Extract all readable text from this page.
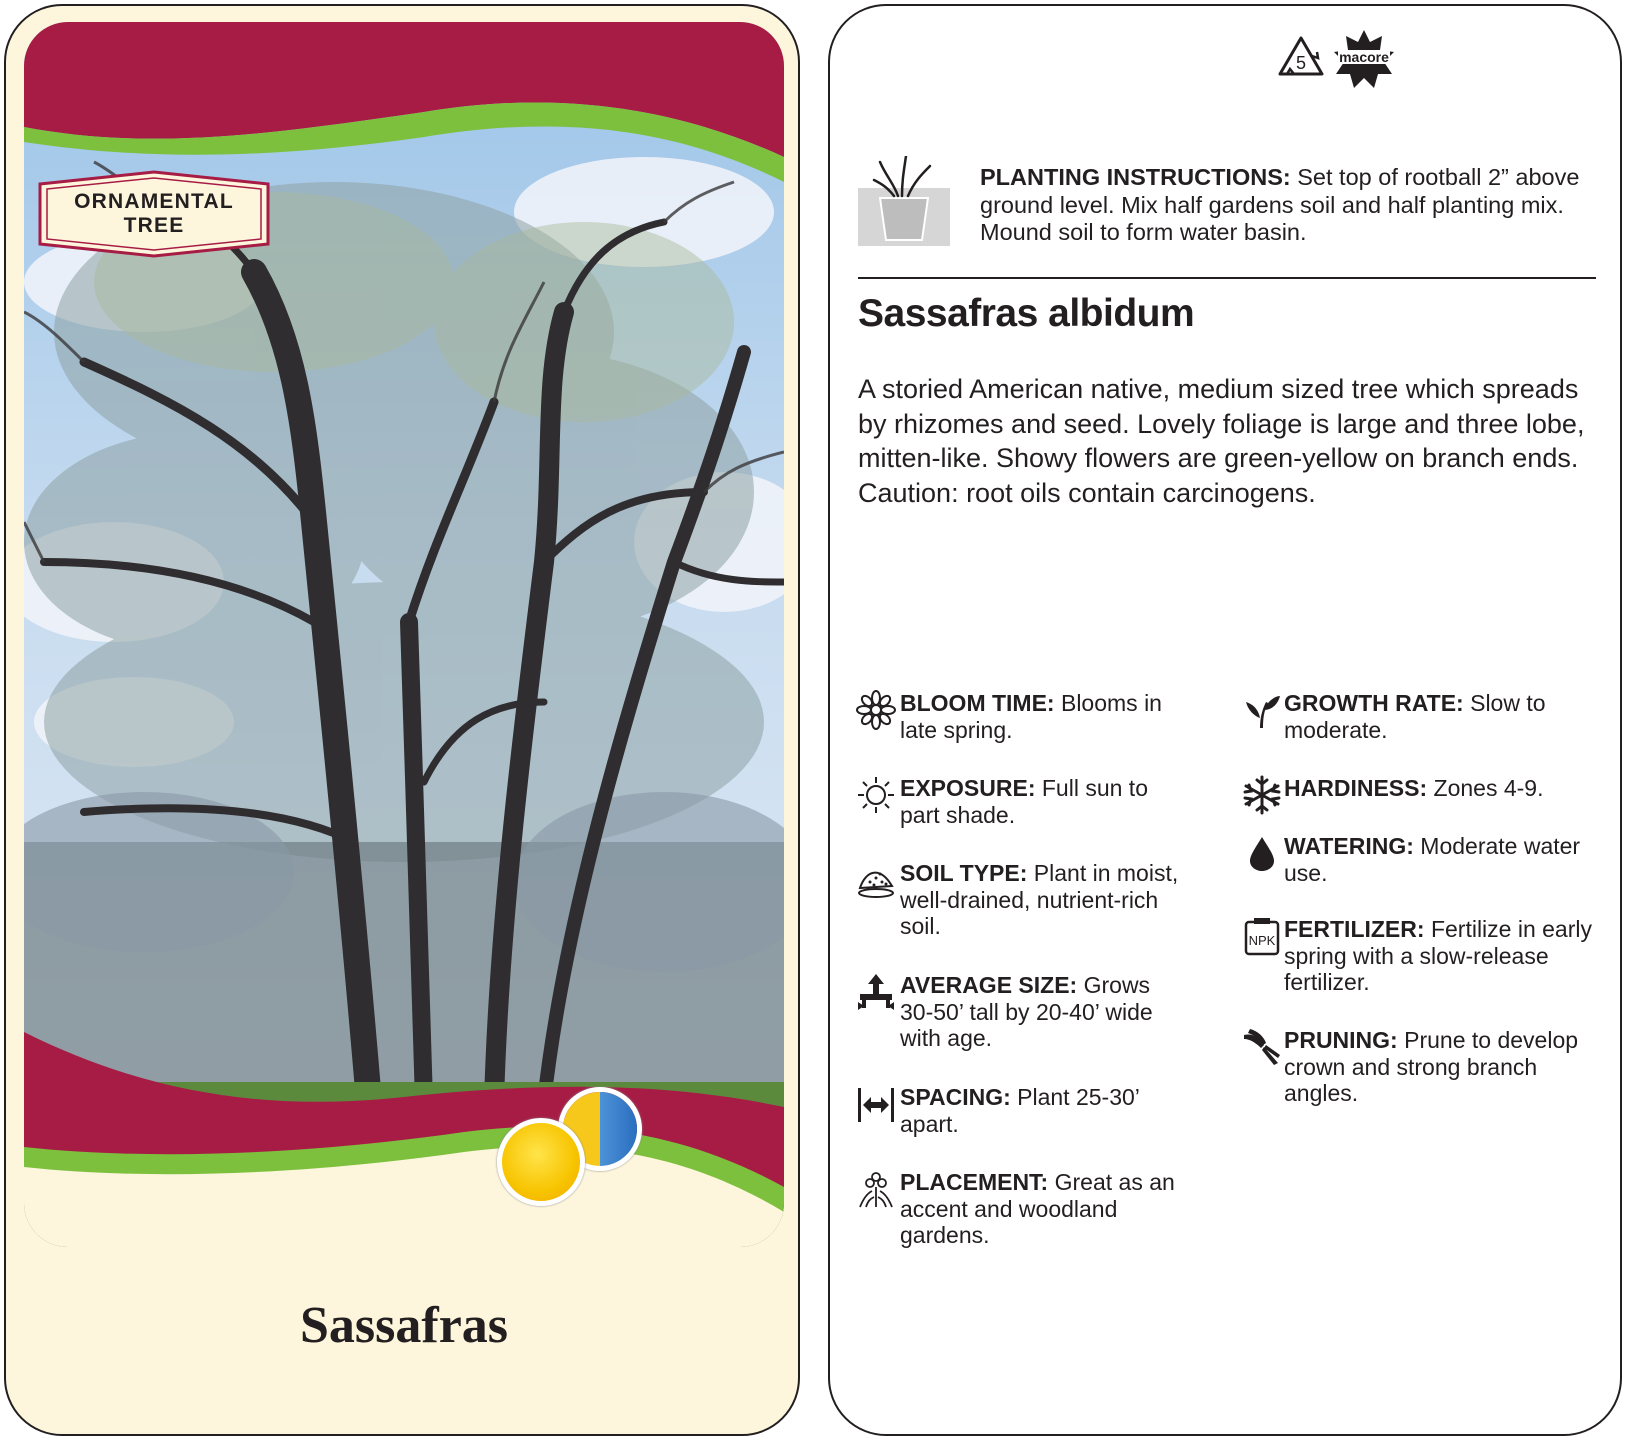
ORNAMENTAL
TREE
Sassafras
5 macore
PLANTING INSTRUCTIONS: Set top of rootball 2” above ground level. Mix half gardens soil and half planting mix. Mound soil to form water basin.
Sassafras albidum
A storied American native, medium sized tree which spreads by rhizomes and seed. Lovely foliage is large and three lobe, mitten-like. Showy flowers are green-yellow on branch ends. Caution: root oils contain carcinogens.
BLOOM TIME: Blooms in late spring.
EXPOSURE: Full sun to part shade.
SOIL TYPE: Plant in moist, well-drained, nutrient-rich soil.
AVERAGE SIZE: Grows 30-50’ tall by 20-40’ wide with age.
SPACING: Plant 25-30’ apart.
PLACEMENT: Great as an accent and woodland gardens.
GROWTH RATE: Slow to moderate.
HARDINESS: Zones 4-9.
WATERING: Moderate water use.
NPK FERTILIZER: Fertilize in early spring with a slow-release fertilizer.
PRUNING: Prune to develop crown and strong branch angles.
